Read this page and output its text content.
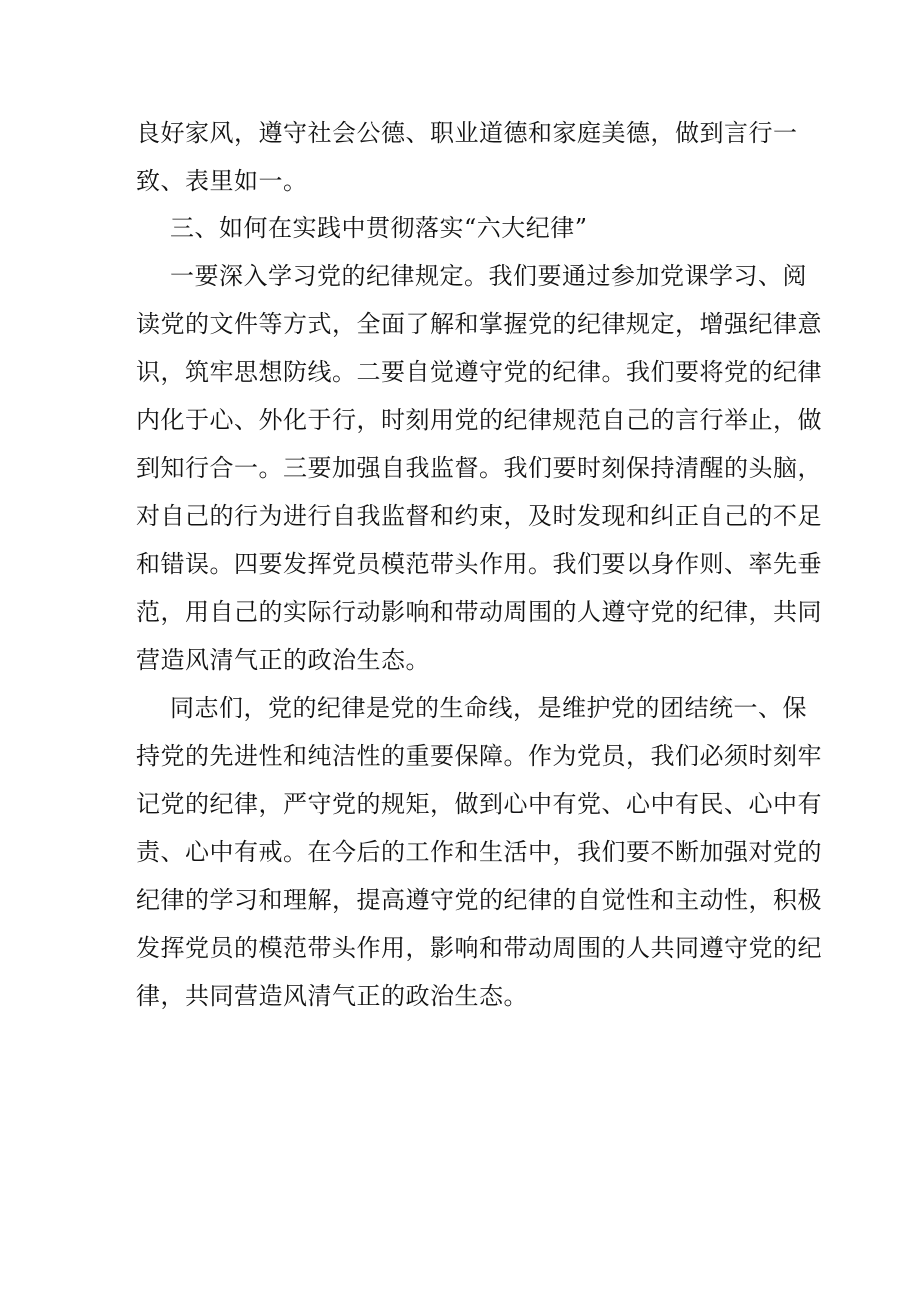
良好家风，遵守社会公德、职业道德和家庭美德，做到言行一
致、表里如一。
三、如何在实践中贯彻落实“六大纪律”
一要深入学习党的纪律规定。我们要通过参加党课学习、阅
读党的文件等方式，全面了解和掌握党的纪律规定，增强纪律意
识，筑牢思想防线。二要自觉遵守党的纪律。我们要将党的纪律
内化于心、外化于行，时刻用党的纪律规范自己的言行举止，做
到知行合一。三要加强自我监督。我们要时刻保持清醒的头脑，
对自己的行为进行自我监督和约束，及时发现和纠正自己的不足
和错误。四要发挥党员模范带头作用。我们要以身作则、率先垂
范，用自己的实际行动影响和带动周围的人遵守党的纪律，共同
营造风清气正的政治生态。
同志们，党的纪律是党的生命线，是维护党的团结统一、保
持党的先进性和纯洁性的重要保障。作为党员，我们必须时刻牢
记党的纪律，严守党的规矩，做到心中有党、心中有民、心中有
责、心中有戒。在今后的工作和生活中，我们要不断加强对党的
纪律的学习和理解，提高遵守党的纪律的自觉性和主动性，积极
发挥党员的模范带头作用，影响和带动周围的人共同遵守党的纪
律，共同营造风清气正的政治生态。
